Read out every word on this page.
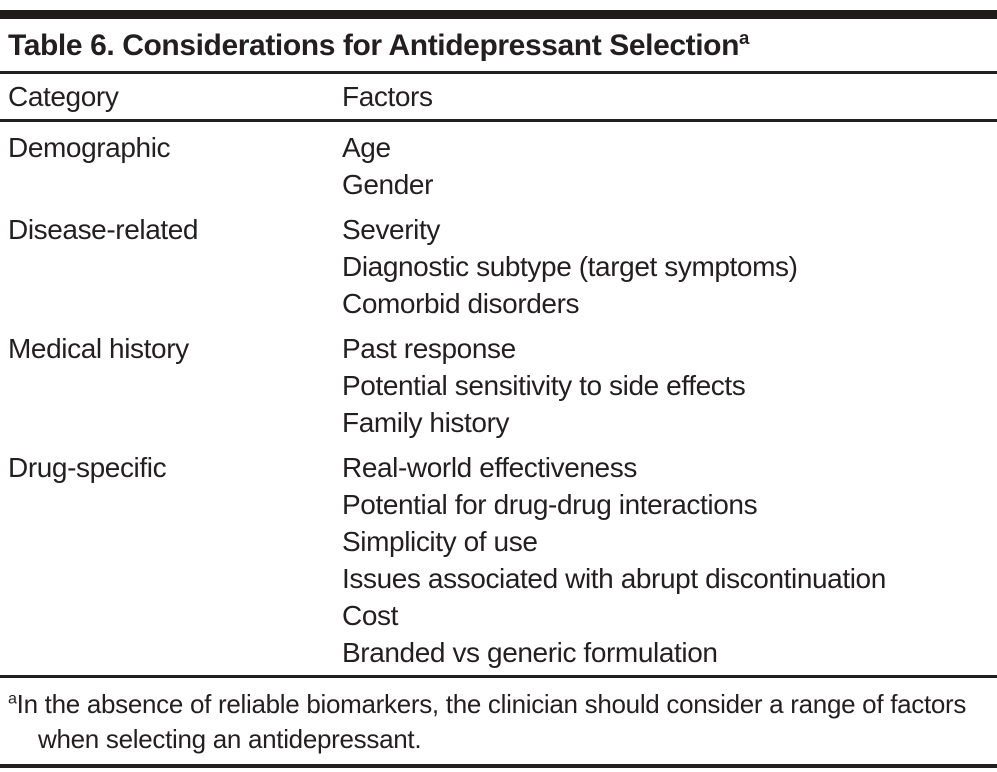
Table 6. Considerations for Antidepressant Selection$^a$
Category	Factors
Demographic	Age
Gender
Disease-related	Severity
Diagnostic subtype (target symptoms)
Comorbid disorders
Medical history	Past response
Potential sensitivity to side effects
Family history
Drug-specific	Real-world effectiveness
Potential for drug-drug interactions
Simplicity of use
Issues associated with abrupt discontinuation
Cost
Branded vs generic formulation
$^a$In the absence of reliable biomarkers, the clinician should consider a range of factors when selecting an antidepressant.
